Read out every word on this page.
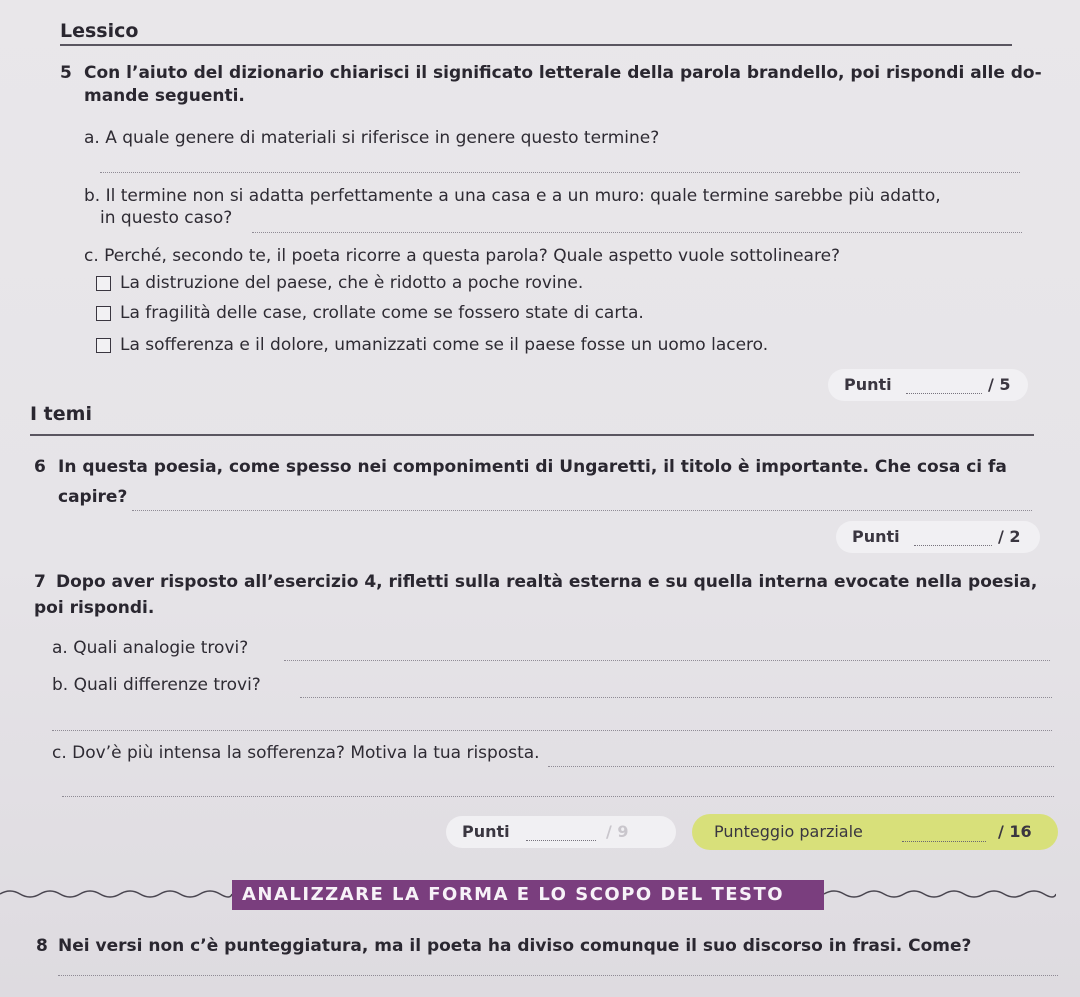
Lessico
5 Con l’aiuto del dizionario chiarisci il significato letterale della parola brandello, poi rispondi alle do-
mande seguenti.
a. A quale genere di materiali si riferisce in genere questo termine?
b. Il termine non si adatta perfettamente a una casa e a un muro: quale termine sarebbe più adatto,
in questo caso?
c. Perché, secondo te, il poeta ricorre a questa parola? Quale aspetto vuole sottolineare?
La distruzione del paese, che è ridotto a poche rovine.
La fragilità delle case, crollate come se fossero state di carta.
La sofferenza e il dolore, umanizzati come se il paese fosse un uomo lacero.
Punti	/ 5
I temi
6 In questa poesia, come spesso nei componimenti di Ungaretti, il titolo è importante. Che cosa ci fa
capire?
Punti	/ 2
7 Dopo aver risposto all’esercizio 4, rifletti sulla realtà esterna e su quella interna evocate nella poesia,
poi rispondi.
a. Quali analogie trovi?
b. Quali differenze trovi?
c. Dov’è più intensa la sofferenza? Motiva la tua risposta.
Punti	/ 9	Punteggio parziale	/ 16
ANALIZZARE LA FORMA E LO SCOPO DEL TESTO
8 Nei versi non c’è punteggiatura, ma il poeta ha diviso comunque il suo discorso in frasi. Come?
